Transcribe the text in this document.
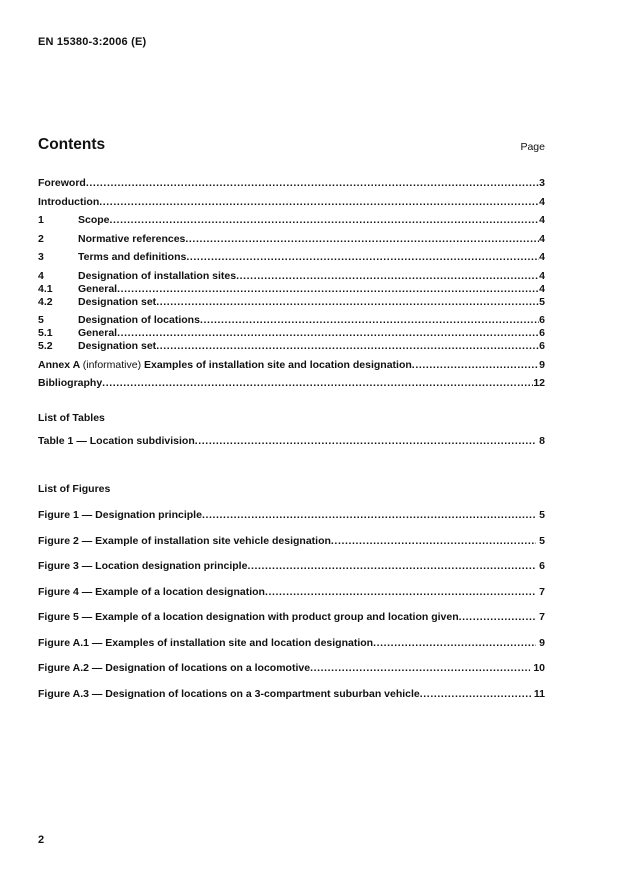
EN 15380-3:2006 (E)
Contents	Page
Foreword .....	3
Introduction .....	4
1	Scope .....	4
2	Normative references .....	4
3	Terms and definitions .....	4
4	Designation of installation sites .....	4
4.1	General .....	4
4.2	Designation set .....	5
5	Designation of locations .....	6
5.1	General .....	6
5.2	Designation set .....	6
Annex A (informative) Examples of installation site and location designation .....	9
Bibliography .....	12
List of Tables
Table 1 — Location subdivision .....	8
List of Figures
Figure 1 — Designation principle .....	5
Figure 2 — Example of installation site vehicle designation .....	5
Figure 3 — Location designation principle .....	6
Figure 4 — Example of a location designation .....	7
Figure 5 — Example of a location designation with product group and location given .....	7
Figure A.1 — Examples of installation site and location designation .....	9
Figure A.2 — Designation of locations on a locomotive .....	10
Figure A.3 — Designation of locations on a 3-compartment suburban vehicle .....	11
2
